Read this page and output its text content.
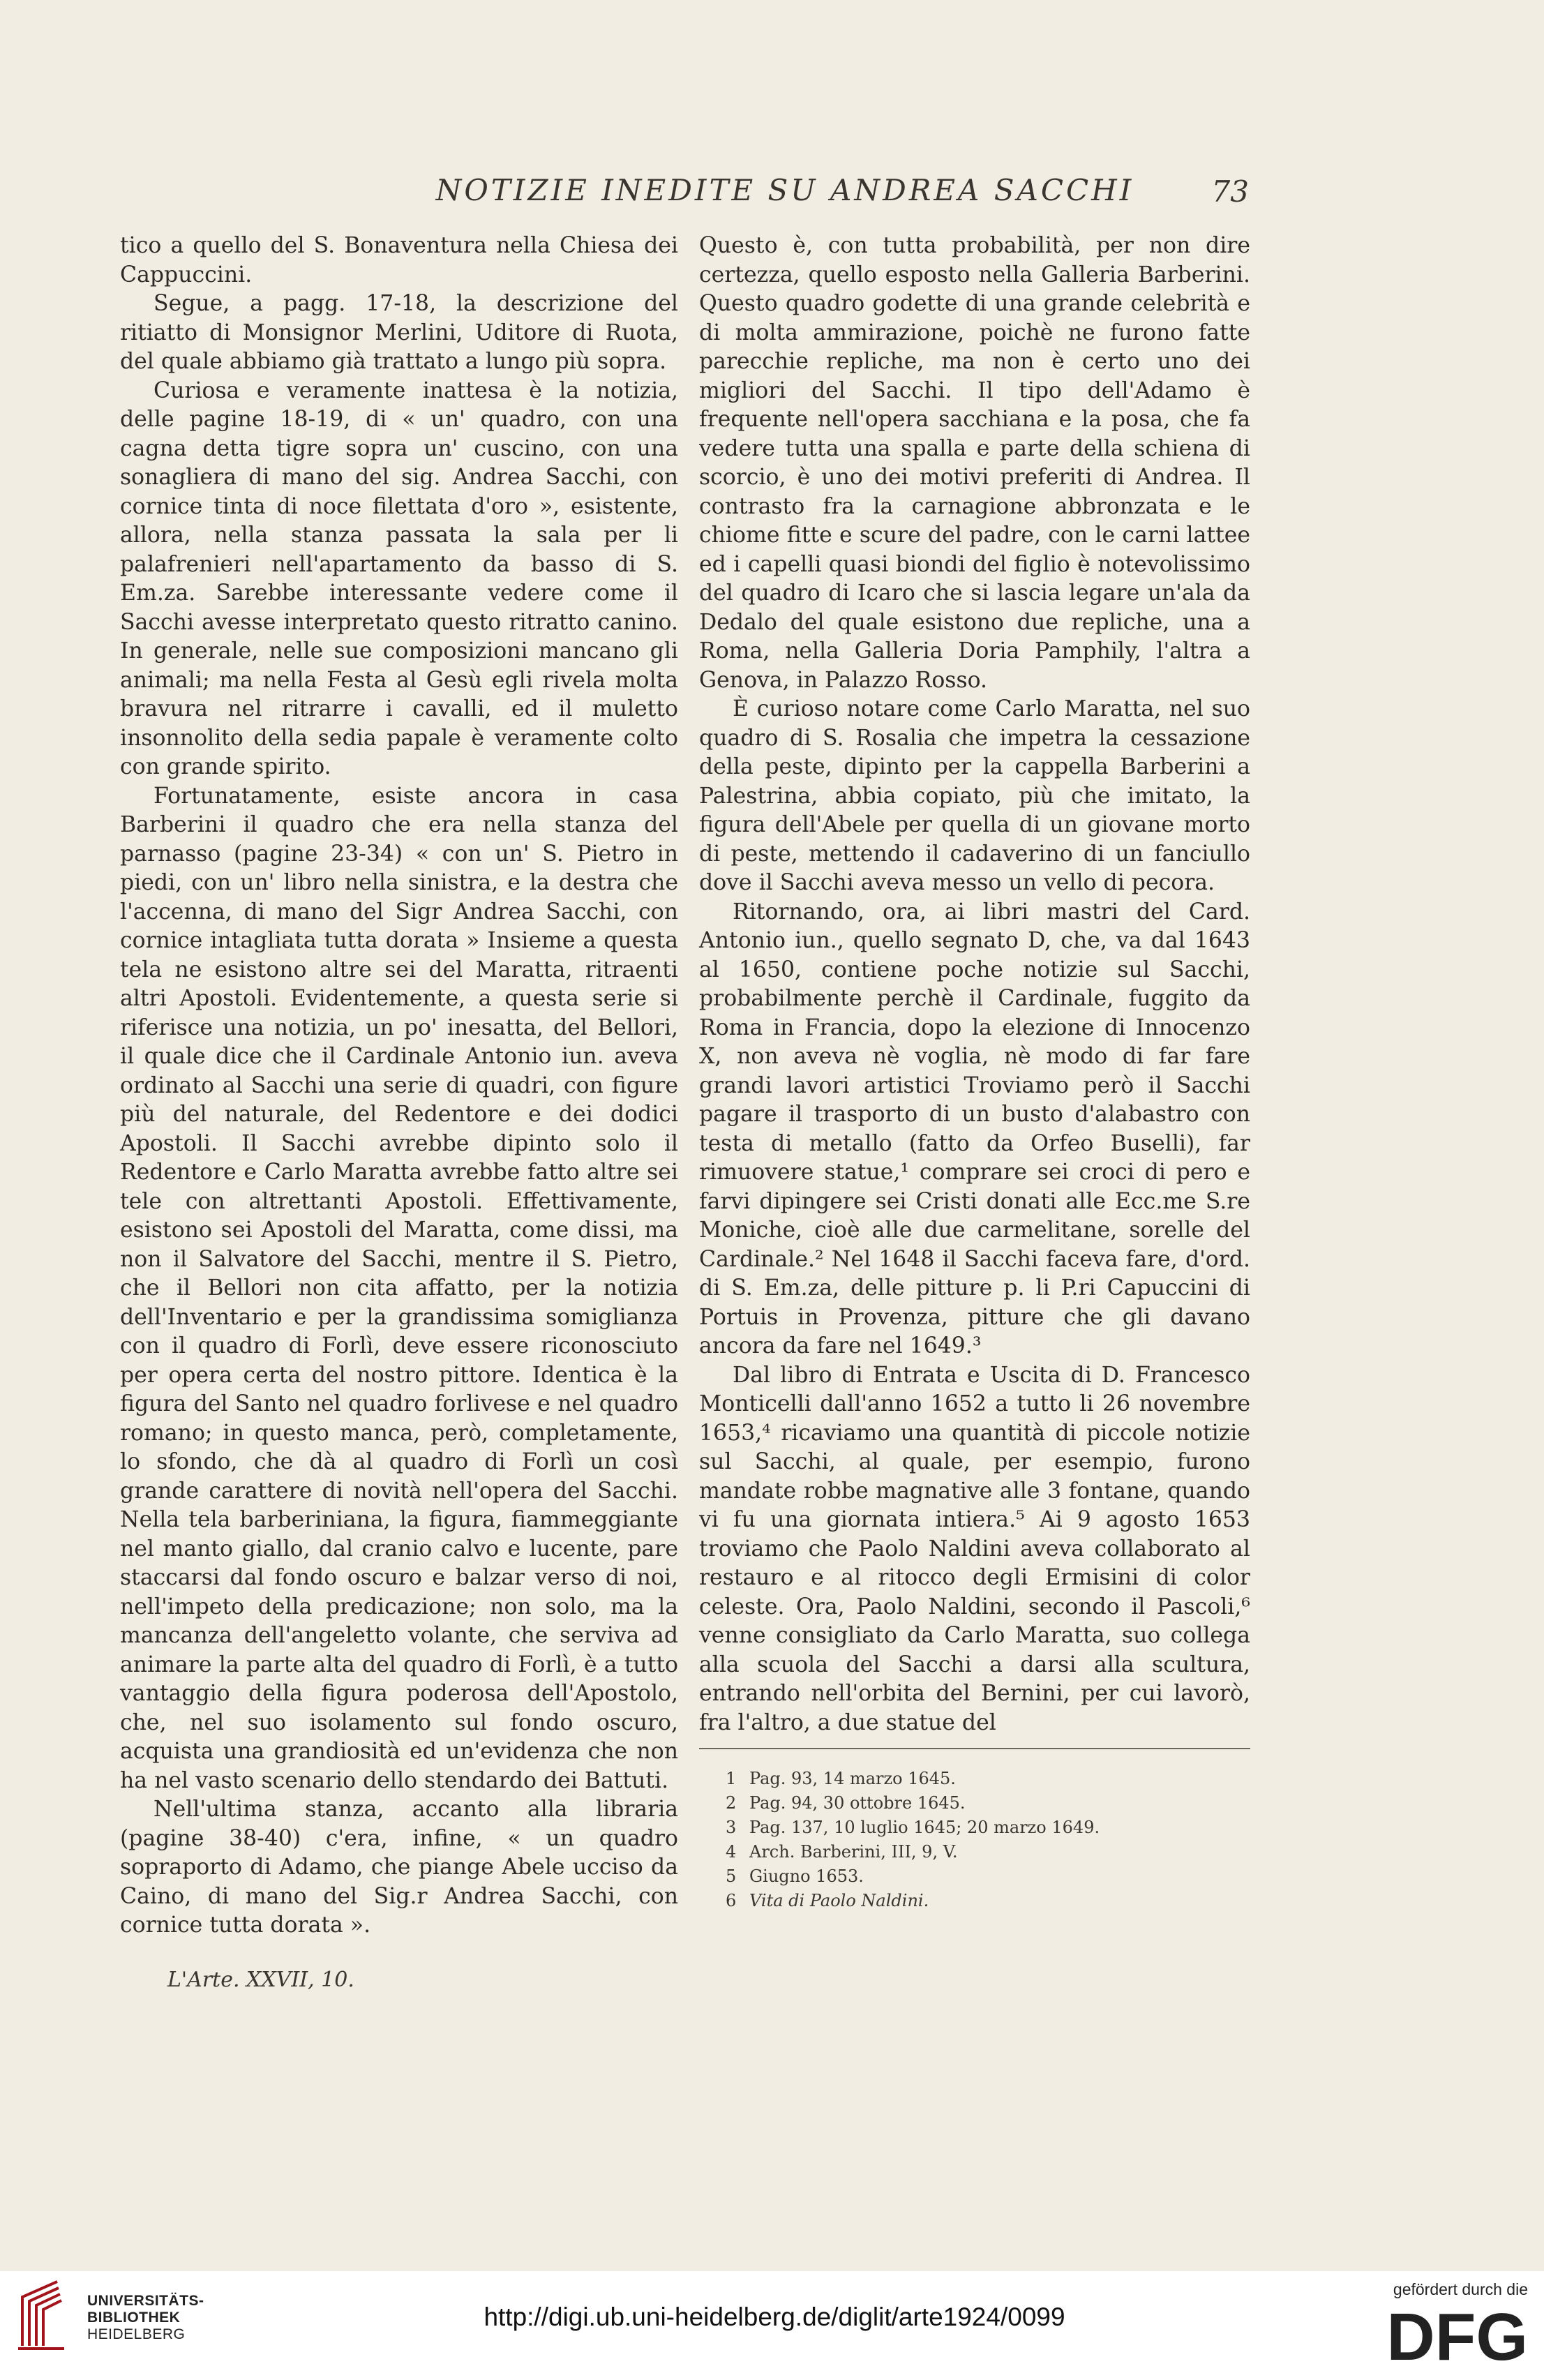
NOTIZIE INEDITE SU ANDREA SACCHI	73

tico a quello del S. Bonaventura nella Chiesa dei Cappuccini.

Segue, a pagg. 17-18, la descrizione del ritiatto di Monsignor Merlini, Uditore di Ruota, del quale abbiamo già trattato a lungo più sopra.

Curiosa e veramente inattesa è la notizia, delle pagine 18-19, di « un' quadro, con una cagna detta tigre sopra un' cuscino, con una sonagliera di mano del sig. Andrea Sacchi, con cornice tinta di noce filettata d'oro », esistente, allora, nella stanza passata la sala per li palafrenieri nell'apartamento da basso di S. Em.za. Sarebbe interessante vedere come il Sacchi avesse interpretato questo ritratto canino. In generale, nelle sue composizioni mancano gli animali; ma nella Festa al Gesù egli rivela molta bravura nel ritrarre i cavalli, ed il muletto insonnolito della sedia papale è veramente colto con grande spirito.

Fortunatamente, esiste ancora in casa Barberini il quadro che era nella stanza del parnasso (pagine 23-34) « con un' S. Pietro in piedi, con un' libro nella sinistra, e la destra che l'accenna, di mano del Sigr Andrea Sacchi, con cornice intagliata tutta dorata » Insieme a questa tela ne esistono altre sei del Maratta, ritraenti altri Apostoli. Evidentemente, a questa serie si riferisce una notizia, un po' inesatta, del Bellori, il quale dice che il Cardinale Antonio iun. aveva ordinato al Sacchi una serie di quadri, con figure più del naturale, del Redentore e dei dodici Apostoli. Il Sacchi avrebbe dipinto solo il Redentore e Carlo Maratta avrebbe fatto altre sei tele con altrettanti Apostoli. Effettivamente, esistono sei Apostoli del Maratta, come dissi, ma non il Salvatore del Sacchi, mentre il S. Pietro, che il Bellori non cita affatto, per la notizia dell'Inventario e per la grandissima somiglianza con il quadro di Forlì, deve essere riconosciuto per opera certa del nostro pittore. Identica è la figura del Santo nel quadro forlivese e nel quadro romano; in questo manca, però, completamente, lo sfondo, che dà al quadro di Forlì un così grande carattere di novità nell'opera del Sacchi. Nella tela barberiniana, la figura, fiammeggiante nel manto giallo, dal cranio calvo e lucente, pare staccarsi dal fondo oscuro e balzar verso di noi, nell'impeto della predicazione; non solo, ma la mancanza dell'angeletto volante, che serviva ad animare la parte alta del quadro di Forlì, è a tutto vantaggio della figura poderosa dell'Apostolo, che, nel suo isolamento sul fondo oscuro, acquista una grandiosità ed un'evidenza che non ha nel vasto scenario dello stendardo dei Battuti.

Nell'ultima stanza, accanto alla libraria (pagine 38-40) c'era, infine, « un quadro sopraporto di Adamo, che piange Abele ucciso da Caino, di mano del Sig.r Andrea Sacchi, con cornice tutta dorata ».

Questo è, con tutta probabilità, per non dire certezza, quello esposto nella Galleria Barberini. Questo quadro godette di una grande celebrità e di molta ammirazione, poichè ne furono fatte parecchie repliche, ma non è certo uno dei migliori del Sacchi. Il tipo dell'Adamo è frequente nell'opera sacchiana e la posa, che fa vedere tutta una spalla e parte della schiena di scorcio, è uno dei motivi preferiti di Andrea. Il contrasto fra la carnagione abbronzata e le chiome fitte e scure del padre, con le carni lattee ed i capelli quasi biondi del figlio è notevolissimo del quadro di Icaro che si lascia legare un'ala da Dedalo del quale esistono due repliche, una a Roma, nella Galleria Doria Pamphily, l'altra a Genova, in Palazzo Rosso.

È curioso notare come Carlo Maratta, nel suo quadro di S. Rosalia che impetra la cessazione della peste, dipinto per la cappella Barberini a Palestrina, abbia copiato, più che imitato, la figura dell'Abele per quella di un giovane morto di peste, mettendo il cadaverino di un fanciullo dove il Sacchi aveva messo un vello di pecora.

Ritornando, ora, ai libri mastri del Card. Antonio iun., quello segnato D, che, va dal 1643 al 1650, contiene poche notizie sul Sacchi, probabilmente perchè il Cardinale, fuggito da Roma in Francia, dopo la elezione di Innocenzo X, non aveva nè voglia, nè modo di far fare grandi lavori artistici Troviamo però il Sacchi pagare il trasporto di un busto d'alabastro con testa di metallo (fatto da Orfeo Buselli), far rimuovere statue,¹ comprare sei croci di pero e farvi dipingere sei Cristi donati alle Ecc.me S.re Moniche, cioè alle due carmelitane, sorelle del Cardinale.² Nel 1648 il Sacchi faceva fare, d'ord. di S. Em.za, delle pitture p. li P.ri Capuccini di Portuis in Provenza, pitture che gli davano ancora da fare nel 1649.³

Dal libro di Entrata e Uscita di D. Francesco Monticelli dall'anno 1652 a tutto li 26 novembre 1653,⁴ ricaviamo una quantità di piccole notizie sul Sacchi, al quale, per esempio, furono mandate robbe magnative alle 3 fontane, quando vi fu una giornata intiera.⁵ Ai 9 agosto 1653 troviamo che Paolo Naldini aveva collaborato al restauro e al ritocco degli Ermisini di color celeste. Ora, Paolo Naldini, secondo il Pascoli,⁶ venne consigliato da Carlo Maratta, suo collega alla scuola del Sacchi a darsi alla scultura, entrando nell'orbita del Bernini, per cui lavorò, fra l'altro, a due statue del

1 Pag. 93, 14 marzo 1645.
2 Pag. 94, 30 ottobre 1645.
3 Pag. 137, 10 luglio 1645; 20 marzo 1649.
4 Arch. Barberini, III, 9, V.
5 Giugno 1653.
6 Vita di Paolo Naldini.
L'Arte. XXVII, 10.
UNIVERSITÄTS-
BIBLIOTHEK
HEIDELBERG
http://digi.ub.uni-heidelberg.de/diglit/arte1924/0099
gefördert durch die
DFG
